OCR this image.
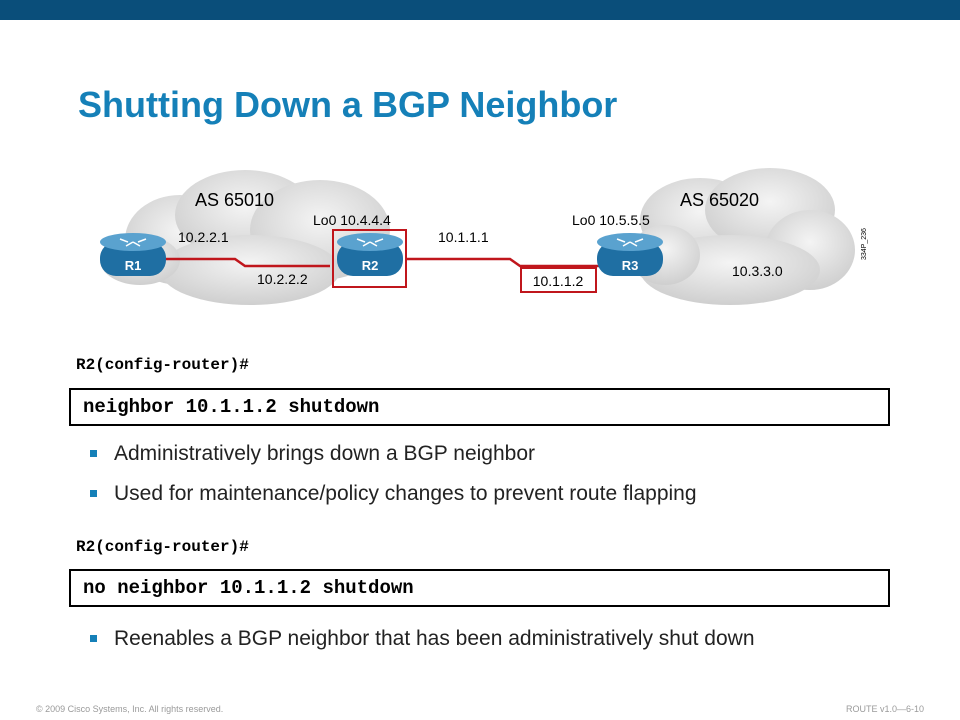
Shutting Down a BGP Neighbor
R1	R2	R3
AS 65010	AS 65020
10.2.2.1
10.2.2.2
Lo0 10.4.4.4
10.1.1.1
10.1.1.2
Lo0 10.5.5.5
10.3.3.0
334P_236
R2(config-router)#
neighbor 10.1.1.2 shutdown
Administratively brings down a BGP neighbor
Used for maintenance/policy changes to prevent route flapping
R2(config-router)#
no neighbor 10.1.1.2 shutdown
Reenables a BGP neighbor that has been administratively shut down
© 2009 Cisco Systems, Inc. All rights reserved.	ROUTE v1.0—6-10
